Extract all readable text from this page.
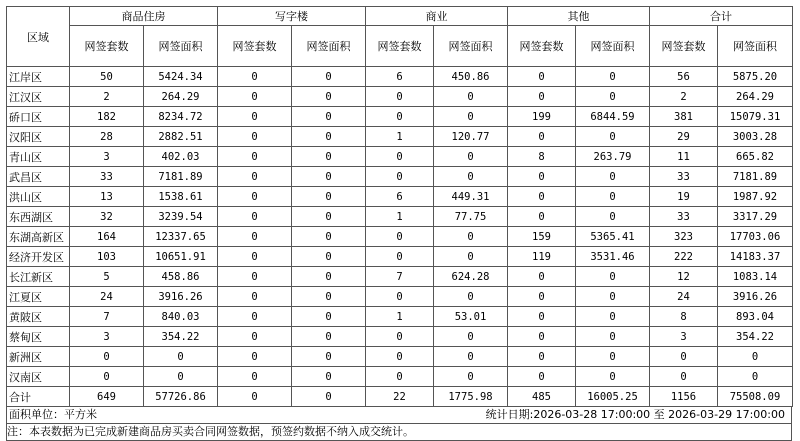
区域	商品住房		写字楼		商业		其他		合计	
	网签套数	网签面积	网签套数	网签面积	网签套数	网签面积	网签套数	网签面积	网签套数	网签面积
江岸区	50	5424.34	0	0	6	450.86	0	0	56	5875.20
江汉区	2	264.29	0	0	0	0	0	0	2	264.29
硚口区	182	8234.72	0	0	0	0	199	6844.59	381	15079.31
汉阳区	28	2882.51	0	0	1	120.77	0	0	29	3003.28
青山区	3	402.03	0	0	0	0	8	263.79	11	665.82
武昌区	33	7181.89	0	0	0	0	0	0	33	7181.89
洪山区	13	1538.61	0	0	6	449.31	0	0	19	1987.92
东西湖区	32	3239.54	0	0	1	77.75	0	0	33	3317.29
东湖高新区	164	12337.65	0	0	0	0	159	5365.41	323	17703.06
经济开发区	103	10651.91	0	0	0	0	119	3531.46	222	14183.37
长江新区	5	458.86	0	0	7	624.28	0	0	12	1083.14
江夏区	24	3916.26	0	0	0	0	0	0	24	3916.26
黄陂区	7	840.03	0	0	1	53.01	0	0	8	893.04
蔡甸区	3	354.22	0	0	0	0	0	0	3	354.22
新洲区	0	0	0	0	0	0	0	0	0	0
汉南区	0	0	0	0	0	0	0	0	0	0
合计	649	57726.86	0	0	22	1775.98	485	16005.25	1156	75508.09
面积单位：平方米	统计日期:2026-03-28 17:00:00 至 2026-03-29 17:00:00
注：本表数据为已完成新建商品房买卖合同网签数据，预签约数据不纳入成交统计。
